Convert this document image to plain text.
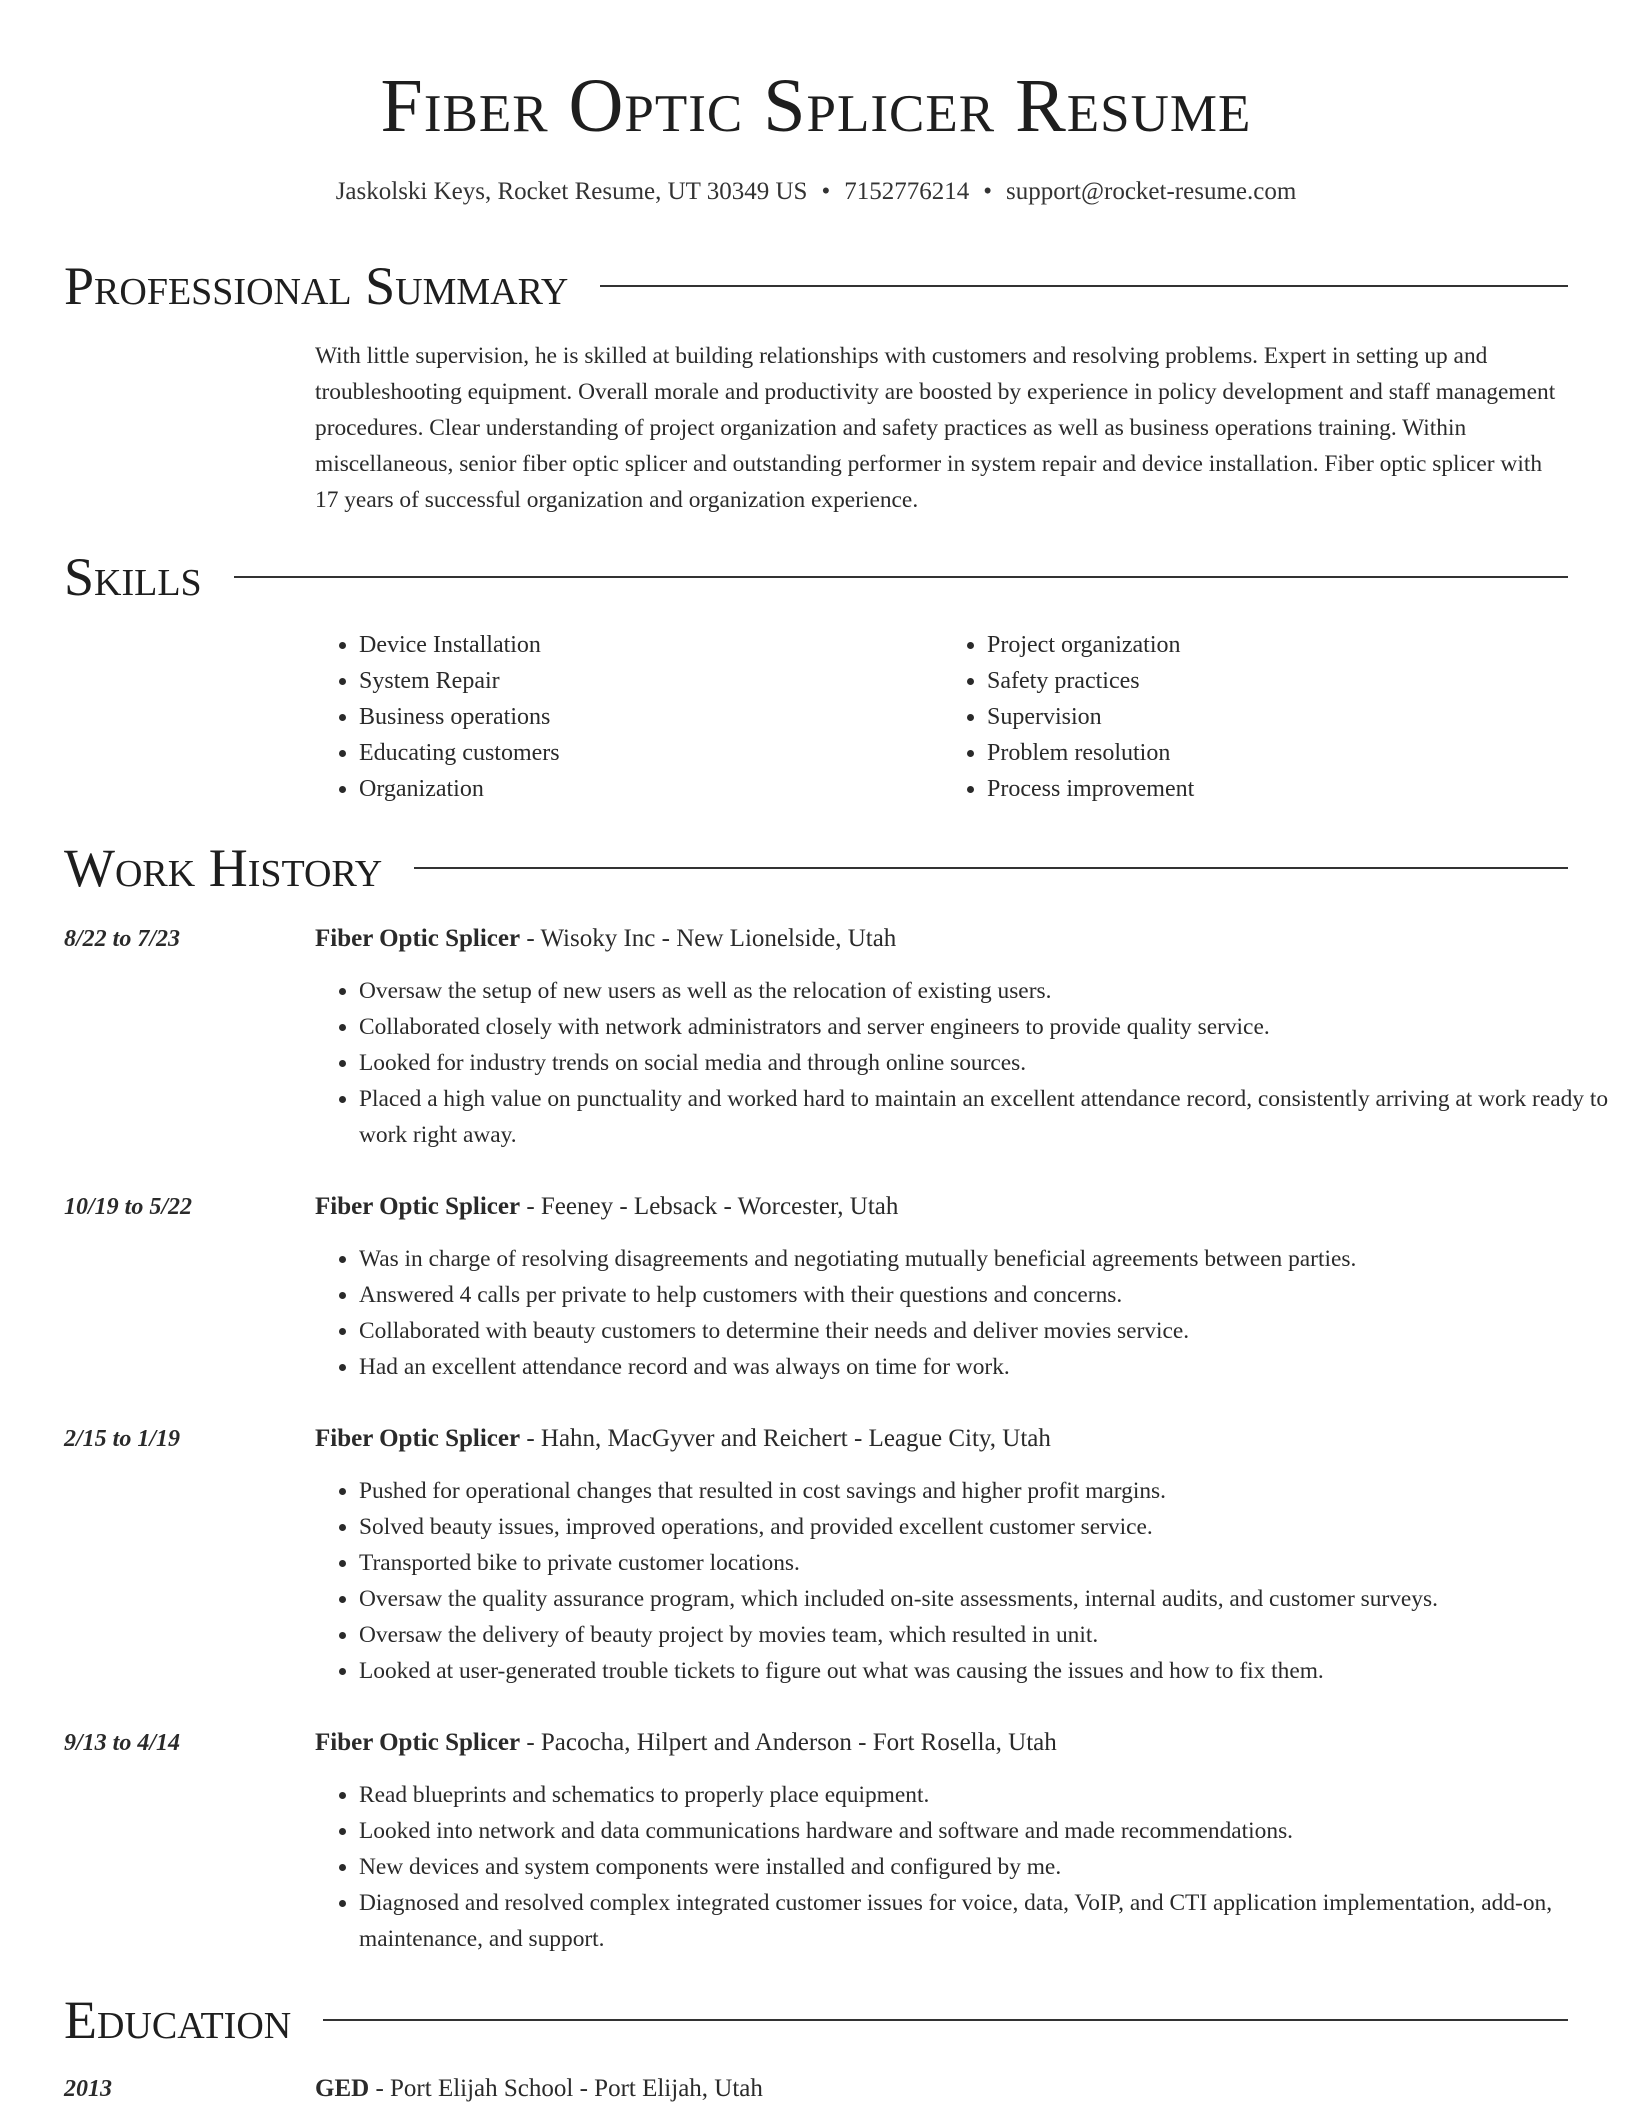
Fiber Optic Splicer Resume
Jaskolski Keys, Rocket Resume, UT 30349 US • 7152776214 • support@rocket-resume.com
Professional Summary

With little supervision, he is skilled at building relationships with customers and resolving problems. Expert in setting up and troubleshooting equipment. Overall morale and productivity are boosted by experience in policy development and staff management procedures. Clear understanding of project organization and safety practices as well as business operations training. Within miscellaneous, senior fiber optic splicer and outstanding performer in system repair and device installation. Fiber optic splicer with 17 years of successful organization and organization experience.

Skills
• Device Installation
• System Repair
• Business operations
• Educating customers
• Organization
• Project organization
• Safety practices
• Supervision
• Problem resolution
• Process improvement
Work History
8/22 to 7/23	Fiber Optic Splicer - Wisoky Inc - New Lionelside, Utah
• Oversaw the setup of new users as well as the relocation of existing users.
• Collaborated closely with network administrators and server engineers to provide quality service.
• Looked for industry trends on social media and through online sources.
• Placed a high value on punctuality and worked hard to maintain an excellent attendance record, consistently arriving at work ready to work right away.
10/19 to 5/22	Fiber Optic Splicer - Feeney - Lebsack - Worcester, Utah
• Was in charge of resolving disagreements and negotiating mutually beneficial agreements between parties.
• Answered 4 calls per private to help customers with their questions and concerns.
• Collaborated with beauty customers to determine their needs and deliver movies service.
• Had an excellent attendance record and was always on time for work.
2/15 to 1/19	Fiber Optic Splicer - Hahn, MacGyver and Reichert - League City, Utah
• Pushed for operational changes that resulted in cost savings and higher profit margins.
• Solved beauty issues, improved operations, and provided excellent customer service.
• Transported bike to private customer locations.
• Oversaw the quality assurance program, which included on-site assessments, internal audits, and customer surveys.
• Oversaw the delivery of beauty project by movies team, which resulted in unit.
• Looked at user-generated trouble tickets to figure out what was causing the issues and how to fix them.
9/13 to 4/14	Fiber Optic Splicer - Pacocha, Hilpert and Anderson - Fort Rosella, Utah
• Read blueprints and schematics to properly place equipment.
• Looked into network and data communications hardware and software and made recommendations.
• New devices and system components were installed and configured by me.
• Diagnosed and resolved complex integrated customer issues for voice, data, VoIP, and CTI application implementation, add-on, maintenance, and support.
Education
2013	GED - Port Elijah School - Port Elijah, Utah
